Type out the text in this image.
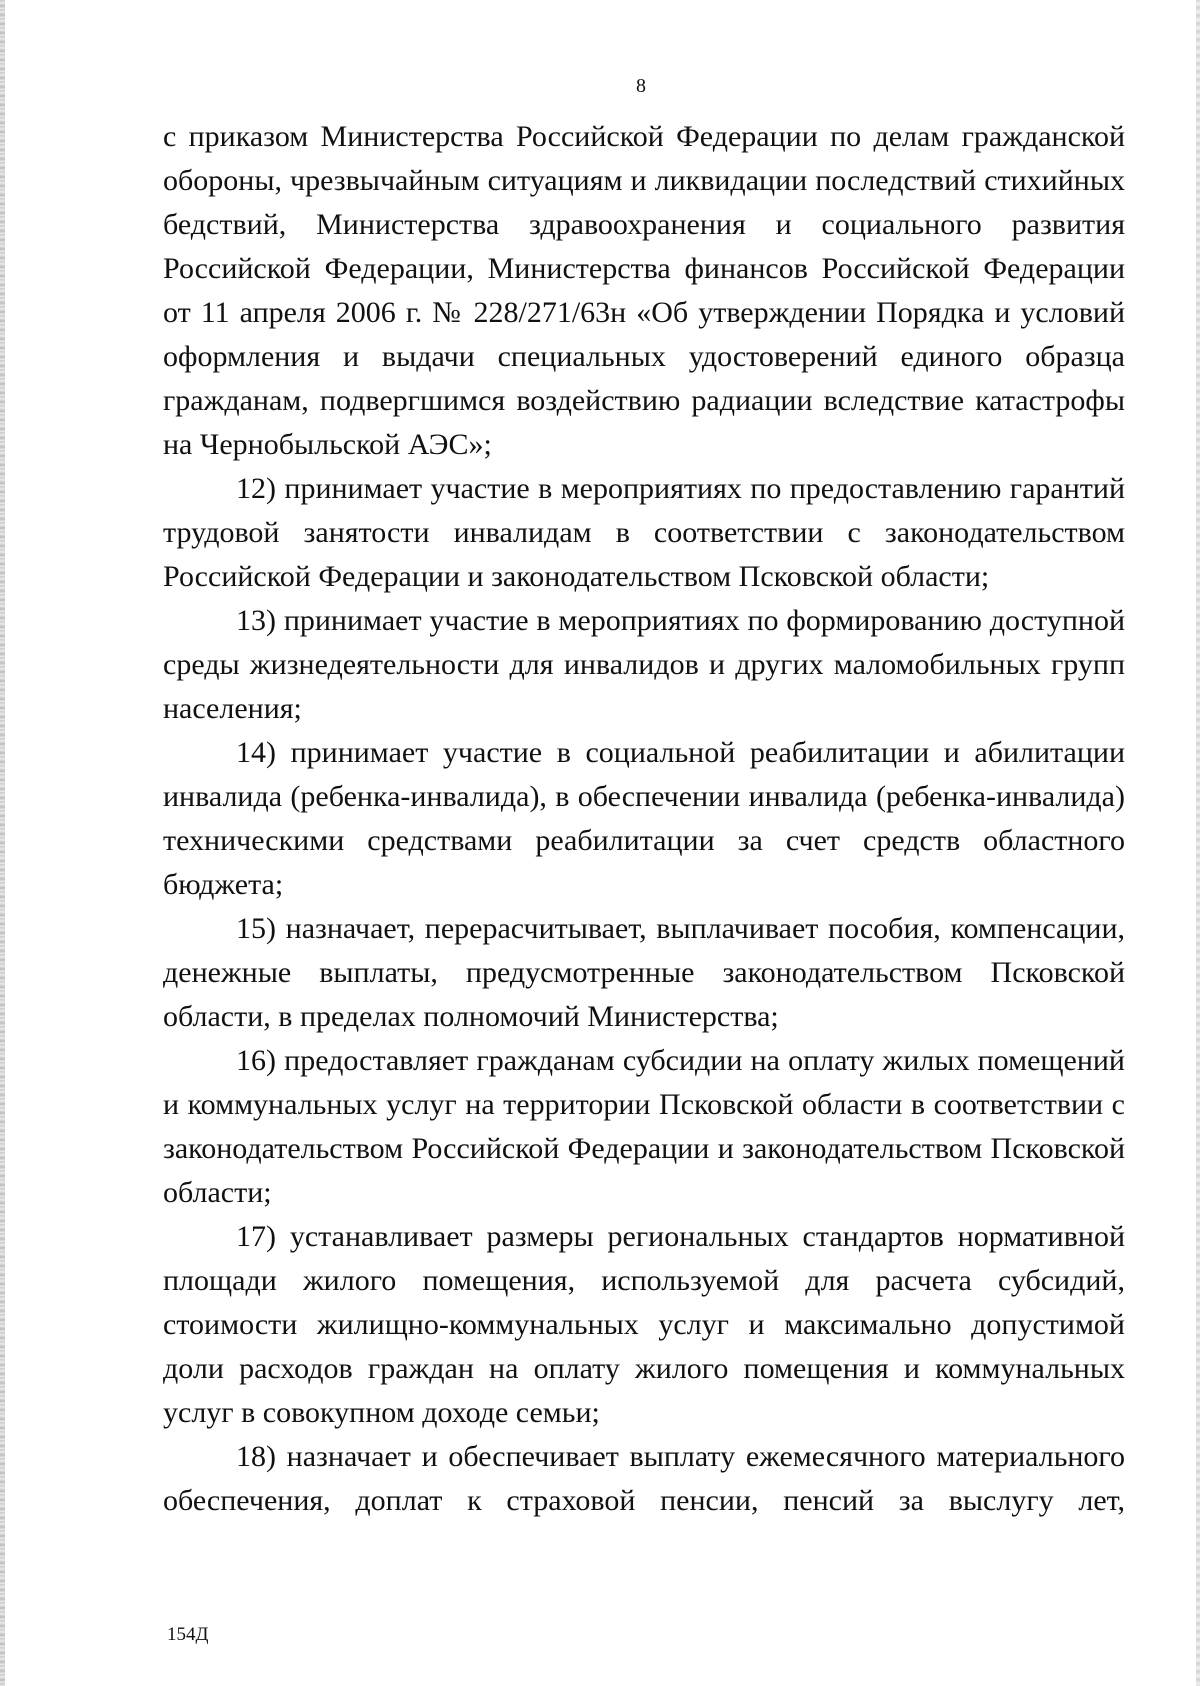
8

с приказом Министерства Российской Федерации по делам гражданской обороны, чрезвычайным ситуациям и ликвидации последствий стихийных бедствий, Министерства здравоохранения и социального развития Российской Федерации, Министерства финансов Российской Федерации от 11 апреля 2006 г. № 228/271/63н «Об утверждении Порядка и условий оформления и выдачи специальных удостоверений единого образца гражданам, подвергшимся воздействию радиации вследствие катастрофы на Чернобыльской АЭС»;

12) принимает участие в мероприятиях по предоставлению гарантий трудовой занятости инвалидам в соответствии с законодательством Российской Федерации и законодательством Псковской области;

13) принимает участие в мероприятиях по формированию доступной среды жизнедеятельности для инвалидов и других маломобильных групп населения;

14) принимает участие в социальной реабилитации и абилитации инвалида (ребенка-инвалида), в обеспечении инвалида (ребенка-инвалида) техническими средствами реабилитации за счет средств областного бюджета;

15) назначает, перерасчитывает, выплачивает пособия, компенсации, денежные выплаты, предусмотренные законодательством Псковской области, в пределах полномочий Министерства;

16) предоставляет гражданам субсидии на оплату жилых помещений и коммунальных услуг на территории Псковской области в соответствии с законодательством Российской Федерации и законодательством Псковской области;

17) устанавливает размеры региональных стандартов нормативной площади жилого помещения, используемой для расчета субсидий, стоимости жилищно-коммунальных услуг и максимально допустимой доли расходов граждан на оплату жилого помещения и коммунальных услуг в совокупном доходе семьи;

18) назначает и обеспечивает выплату ежемесячного материального обеспечения, доплат к страховой пенсии, пенсий за выслугу лет,

154Д
